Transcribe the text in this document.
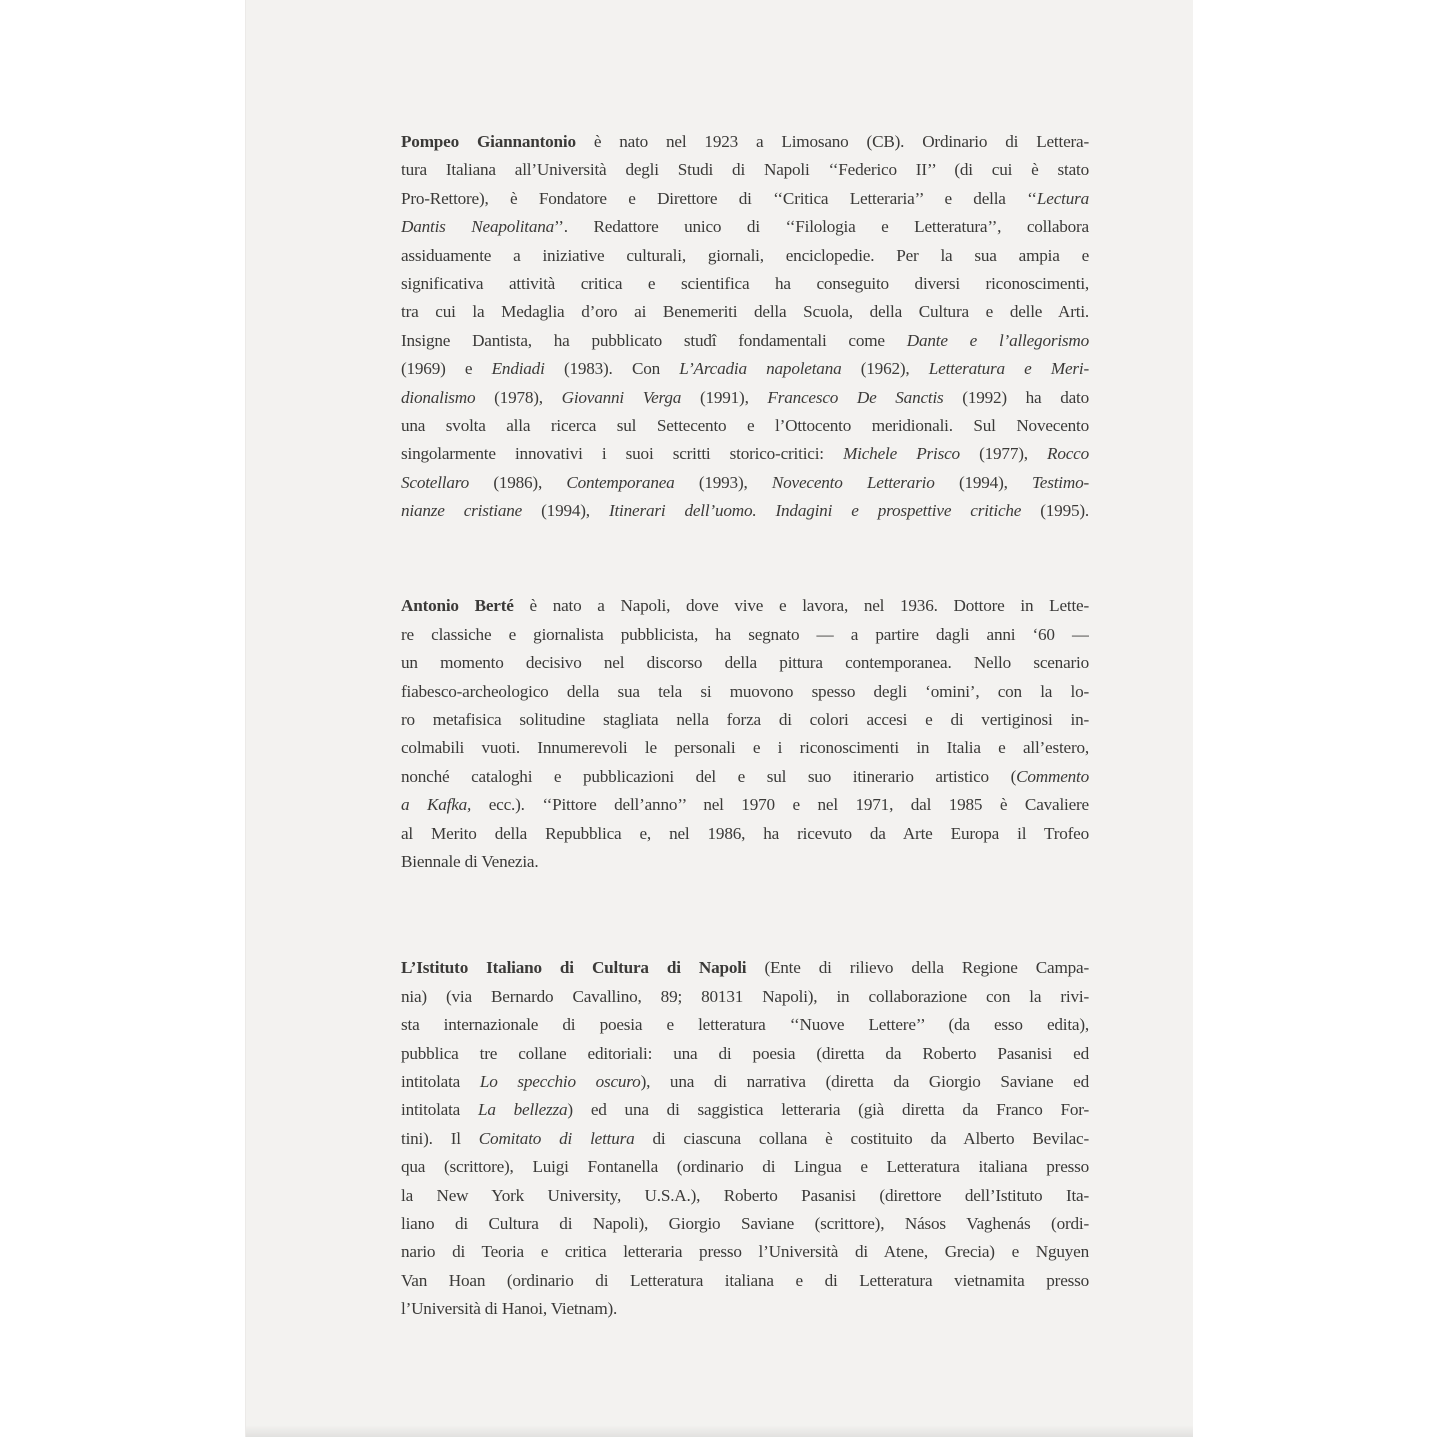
Pompeo Giannantonio è nato nel 1923 a Limosano (CB). Ordinario di Lettera-
tura Italiana all’Università degli Studi di Napoli ‘‘Federico II’’ (di cui è stato
Pro-Rettore), è Fondatore e Direttore di ‘‘Critica Letteraria’’ e della ‘‘Lectura
Dantis Neapolitana’’. Redattore unico di ‘‘Filologia e Letteratura’’, collabora
assiduamente a iniziative culturali, giornali, enciclopedie. Per la sua ampia e
significativa attività critica e scientifica ha conseguito diversi riconoscimenti,
tra cui la Medaglia d’oro ai Benemeriti della Scuola, della Cultura e delle Arti.
Insigne Dantista, ha pubblicato studî fondamentali come Dante e l’allegorismo
(1969) e Endiadi (1983). Con L’Arcadia napoletana (1962), Letteratura e Meri-
dionalismo (1978), Giovanni Verga (1991), Francesco De Sanctis (1992) ha dato
una svolta alla ricerca sul Settecento e l’Ottocento meridionali. Sul Novecento
singolarmente innovativi i suoi scritti storico-critici: Michele Prisco (1977), Rocco
Scotellaro (1986), Contemporanea (1993), Novecento Letterario (1994), Testimo-
nianze cristiane (1994), Itinerari dell’uomo. Indagini e prospettive critiche (1995).
Antonio Berté è nato a Napoli, dove vive e lavora, nel 1936. Dottore in Lette-
re classiche e giornalista pubblicista, ha segnato — a partire dagli anni ‘60 —
un momento decisivo nel discorso della pittura contemporanea. Nello scenario
fiabesco-archeologico della sua tela si muovono spesso degli ‘omini’, con la lo-
ro metafisica solitudine stagliata nella forza di colori accesi e di vertiginosi in-
colmabili vuoti. Innumerevoli le personali e i riconoscimenti in Italia e all’estero,
nonché cataloghi e pubblicazioni del e sul suo itinerario artistico (Commento
a Kafka, ecc.). ‘‘Pittore dell’anno’’ nel 1970 e nel 1971, dal 1985 è Cavaliere
al Merito della Repubblica e, nel 1986, ha ricevuto da Arte Europa il Trofeo
Biennale di Venezia.
L’Istituto Italiano di Cultura di Napoli (Ente di rilievo della Regione Campa-
nia) (via Bernardo Cavallino, 89; 80131 Napoli), in collaborazione con la rivi-
sta internazionale di poesia e letteratura ‘‘Nuove Lettere’’ (da esso edita),
pubblica tre collane editoriali: una di poesia (diretta da Roberto Pasanisi ed
intitolata Lo specchio oscuro), una di narrativa (diretta da Giorgio Saviane ed
intitolata La bellezza) ed una di saggistica letteraria (già diretta da Franco For-
tini). Il Comitato di lettura di ciascuna collana è costituito da Alberto Bevilac-
qua (scrittore), Luigi Fontanella (ordinario di Lingua e Letteratura italiana presso
la New York University, U.S.A.), Roberto Pasanisi (direttore dell’Istituto Ita-
liano di Cultura di Napoli), Giorgio Saviane (scrittore), Násos Vaghenás (ordi-
nario di Teoria e critica letteraria presso l’Università di Atene, Grecia) e Nguyen
Van Hoan (ordinario di Letteratura italiana e di Letteratura vietnamita presso
l’Università di Hanoi, Vietnam).
